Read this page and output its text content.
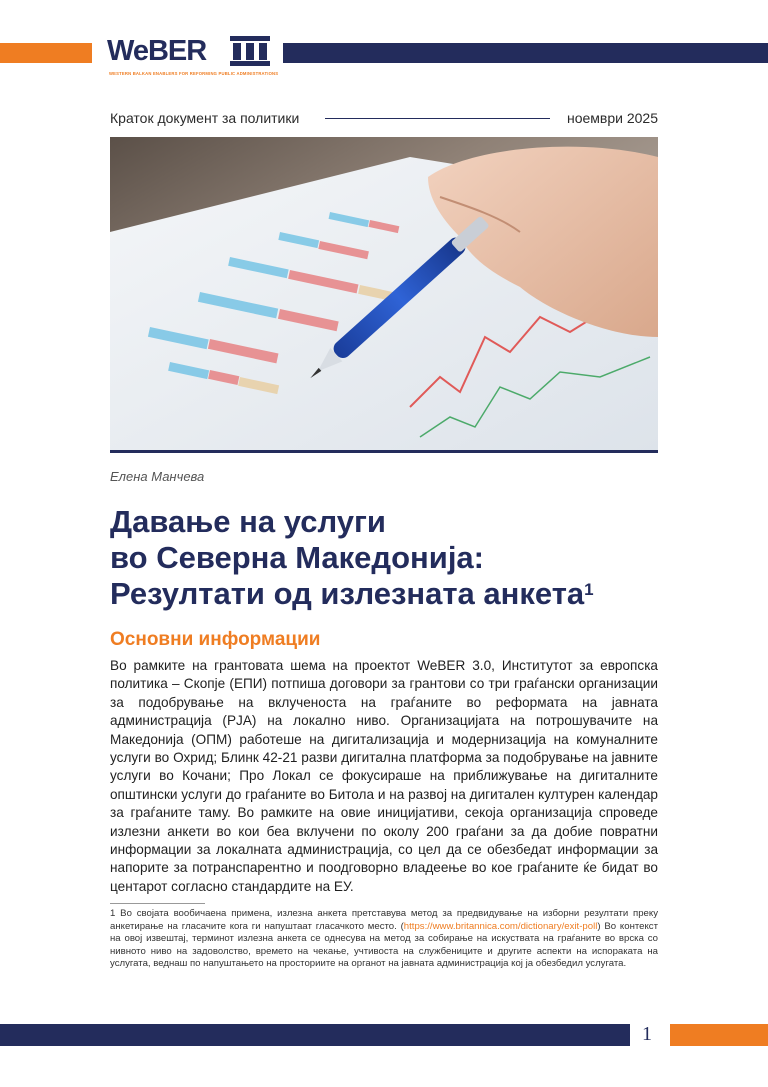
WeBER
WESTERN BALKAN ENABLERS FOR REFORMING PUBLIC ADMINISTRATIONS
Краток документ за политики	ноември 2025
Елена Манчева
Давање на услуги
во Северна Македонија:
Резултати од излезната анкета$^1$
Основни информации

Во рамките на грантовата шема на проектот WeBER 3.0, Институтот за европска политика – Скопје (ЕПИ) потпиша договори за грантови со три граѓански организации за подобрување на вклученоста на граѓаните во реформата на јавната администрација (РЈА) на локално ниво. Организацијата на потрошувачите на Македонија (ОПМ) работеше на дигитализација и модернизација на комуналните услуги во Охрид; Блинк 42-21 разви дигитална платформа за подобрување на јавните услуги во Кочани; Про Локал се фокусираше на приближување на дигиталните општински услуги до граѓаните во Битола и на развој на дигитален културен календар за граѓаните таму. Во рамките на овие иницијативи, секоја организација спроведе излезни анкети во кои беа вклучени по околу 200 граѓани за да добие повратни информации за локалната администрација, со цел да се обезбедат информации за напорите за потранспарентно и поодговорно владеење во кое граѓаните ќе бидат во центарот согласно стандардите на ЕУ.

1 Во својата вообичаена примена, излезна анкета претставува метод за предвидување на изборни резултати преку анкетирање на гласачите кога ги напуштаат гласачкото место. (https://www.britannica.com/dictionary/exit-poll) Во контекст на овој извештај, терминот излезна анкета се однесува на метод за собирање на искуствата на граѓаните во врска со нивното ниво на задоволство, времето на чекање, учтивоста на службениците и другите аспекти на испораката на услугата, веднаш по напуштањето на просториите на органот на јавната администрација кој ја обезбедил услугата.

1
